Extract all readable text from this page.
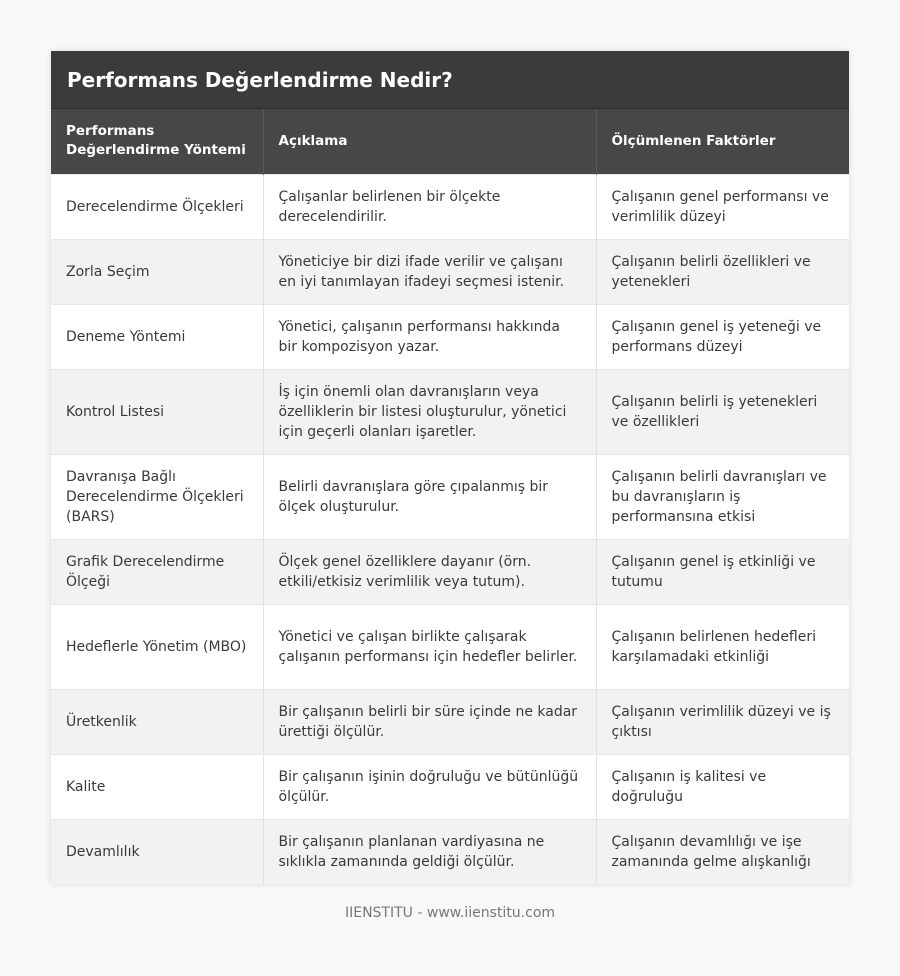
Performans Değerlendirme Nedir?
Performans Değerlendirme Yöntemi	Açıklama	Ölçümlenen Faktörler
Derecelendirme Ölçekleri	Çalışanlar belirlenen bir ölçekte derecelendirilir.	Çalışanın genel performansı ve verimlilik düzeyi
Zorla Seçim	Yöneticiye bir dizi ifade verilir ve çalışanı en iyi tanımlayan ifadeyi seçmesi istenir.	Çalışanın belirli özellikleri ve yetenekleri
Deneme Yöntemi	Yönetici, çalışanın performansı hakkında bir kompozisyon yazar.	Çalışanın genel iş yeteneği ve performans düzeyi
Kontrol Listesi	İş için önemli olan davranışların veya özelliklerin bir listesi oluşturulur, yönetici için geçerli olanları işaretler.	Çalışanın belirli iş yetenekleri ve özellikleri
Davranışa Bağlı Derecelendirme Ölçekleri (BARS)	Belirli davranışlara göre çıpalanmış bir ölçek oluşturulur.	Çalışanın belirli davranışları ve bu davranışların iş performansına etkisi
Grafik Derecelendirme Ölçeği	Ölçek genel özelliklere dayanır (örn. etkili/etkisiz verimlilik veya tutum).	Çalışanın genel iş etkinliği ve tutumu
Hedeflerle Yönetim (MBO)	Yönetici ve çalışan birlikte çalışarak çalışanın performansı için hedefler belirler.	Çalışanın belirlenen hedefleri karşılamadaki etkinliği
Üretkenlik	Bir çalışanın belirli bir süre içinde ne kadar ürettiği ölçülür.	Çalışanın verimlilik düzeyi ve iş çıktısı
Kalite	Bir çalışanın işinin doğruluğu ve bütünlüğü ölçülür.	Çalışanın iş kalitesi ve doğruluğu
Devamlılık	Bir çalışanın planlanan vardiyasına ne sıklıkla zamanında geldiği ölçülür.	Çalışanın devamlılığı ve işe zamanında gelme alışkanlığı
IIENSTITU - www.iienstitu.com
